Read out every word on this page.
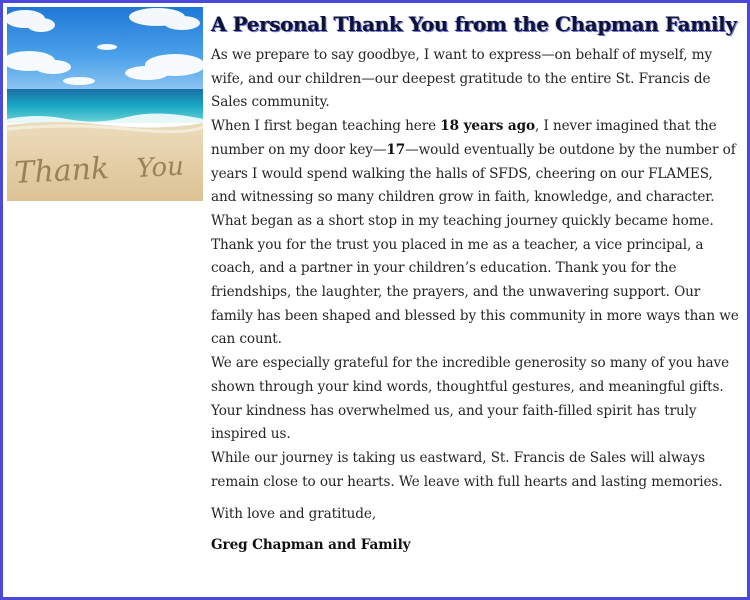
Thank You
A Personal Thank You from the Chapman Family

As we prepare to say goodbye, I want to express—on behalf of myself, my wife, and our children—our deepest gratitude to the entire St. Francis de Sales community.

When I first began teaching here 18 years ago, I never imagined that the number on my door key—17—would eventually be outdone by the number of years I would spend walking the halls of SFDS, cheering on our FLAMES, and witnessing so many children grow in faith, knowledge, and character. What began as a short stop in my teaching journey quickly became home. Thank you for the trust you placed in me as a teacher, a vice principal, a coach, and a partner in your children’s education. Thank you for the friendships, the laughter, the prayers, and the unwavering support. Our family has been shaped and blessed by this community in more ways than we can count.

We are especially grateful for the incredible generosity so many of you have shown through your kind words, thoughtful gestures, and meaningful gifts. Your kindness has overwhelmed us, and your faith-filled spirit has truly inspired us.

While our journey is taking us eastward, St. Francis de Sales will always remain close to our hearts. We leave with full hearts and lasting memories.

With love and gratitude,

Greg Chapman and Family
